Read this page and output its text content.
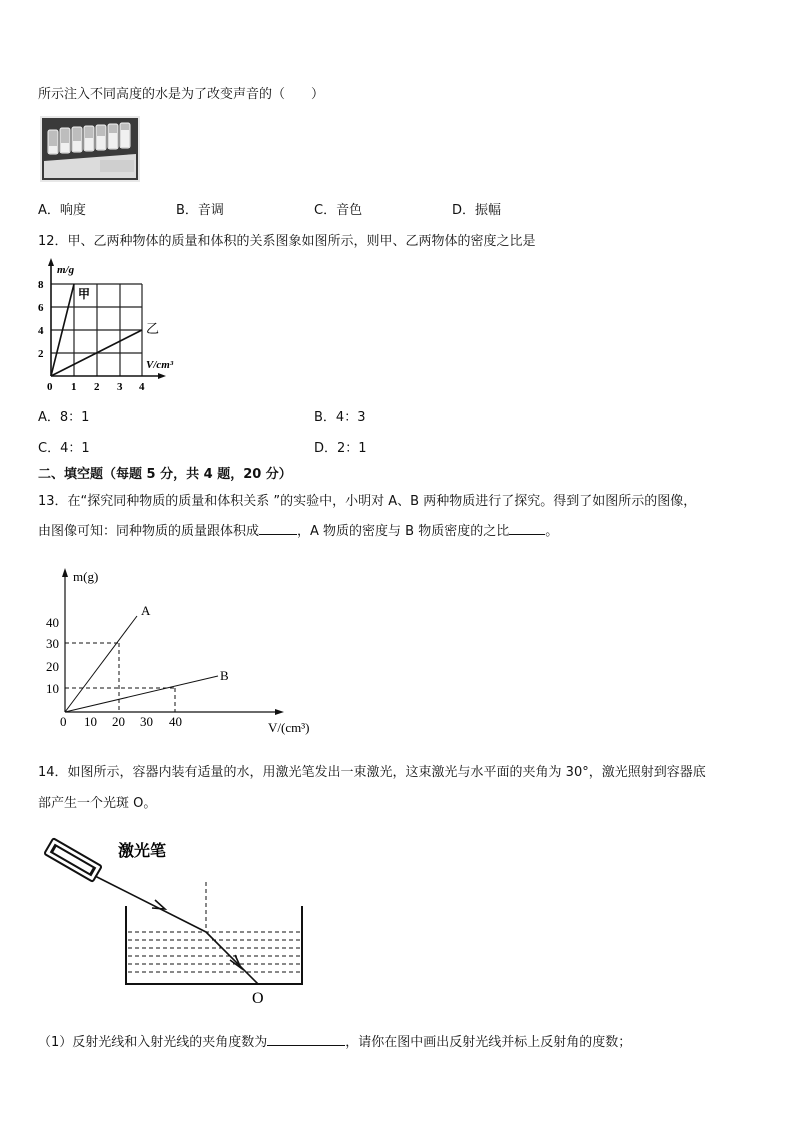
所示注入不同高度的水是为了改变声音的（　　）
A．响度	B．音调	C．音色	D．振幅
12．甲、乙两种物体的质量和体积的关系图象如图所示，则甲、乙两物体的密度之比是
甲
乙
m/g
V/cm³
8
6
4
2
0 1 2 3 4
A．8：1	B．4：3
C．4：1	D．2：1
二、填空题（每题 5 分，共 4 题，20 分）
13．在“探究同种物质的质量和体积关系 ”的实验中，小明对 A、B 两种物质进行了探究。得到了如图所示的图像，
由图像可知：同种物质的质量跟体积成	，A 物质的密度与 B 物质密度的之比	。
A
B
m(g)
V/(cm³)
40
30
20
10
0 10 20 30 40
14．如图所示，容器内装有适量的水，用激光笔发出一束激光，这束激光与水平面的夹角为 30°，激光照射到容器底
部产生一个光斑 O。
激光笔
O
（1）反射光线和入射光线的夹角度数为	，请你在图中画出反射光线并标上反射角的度数；
